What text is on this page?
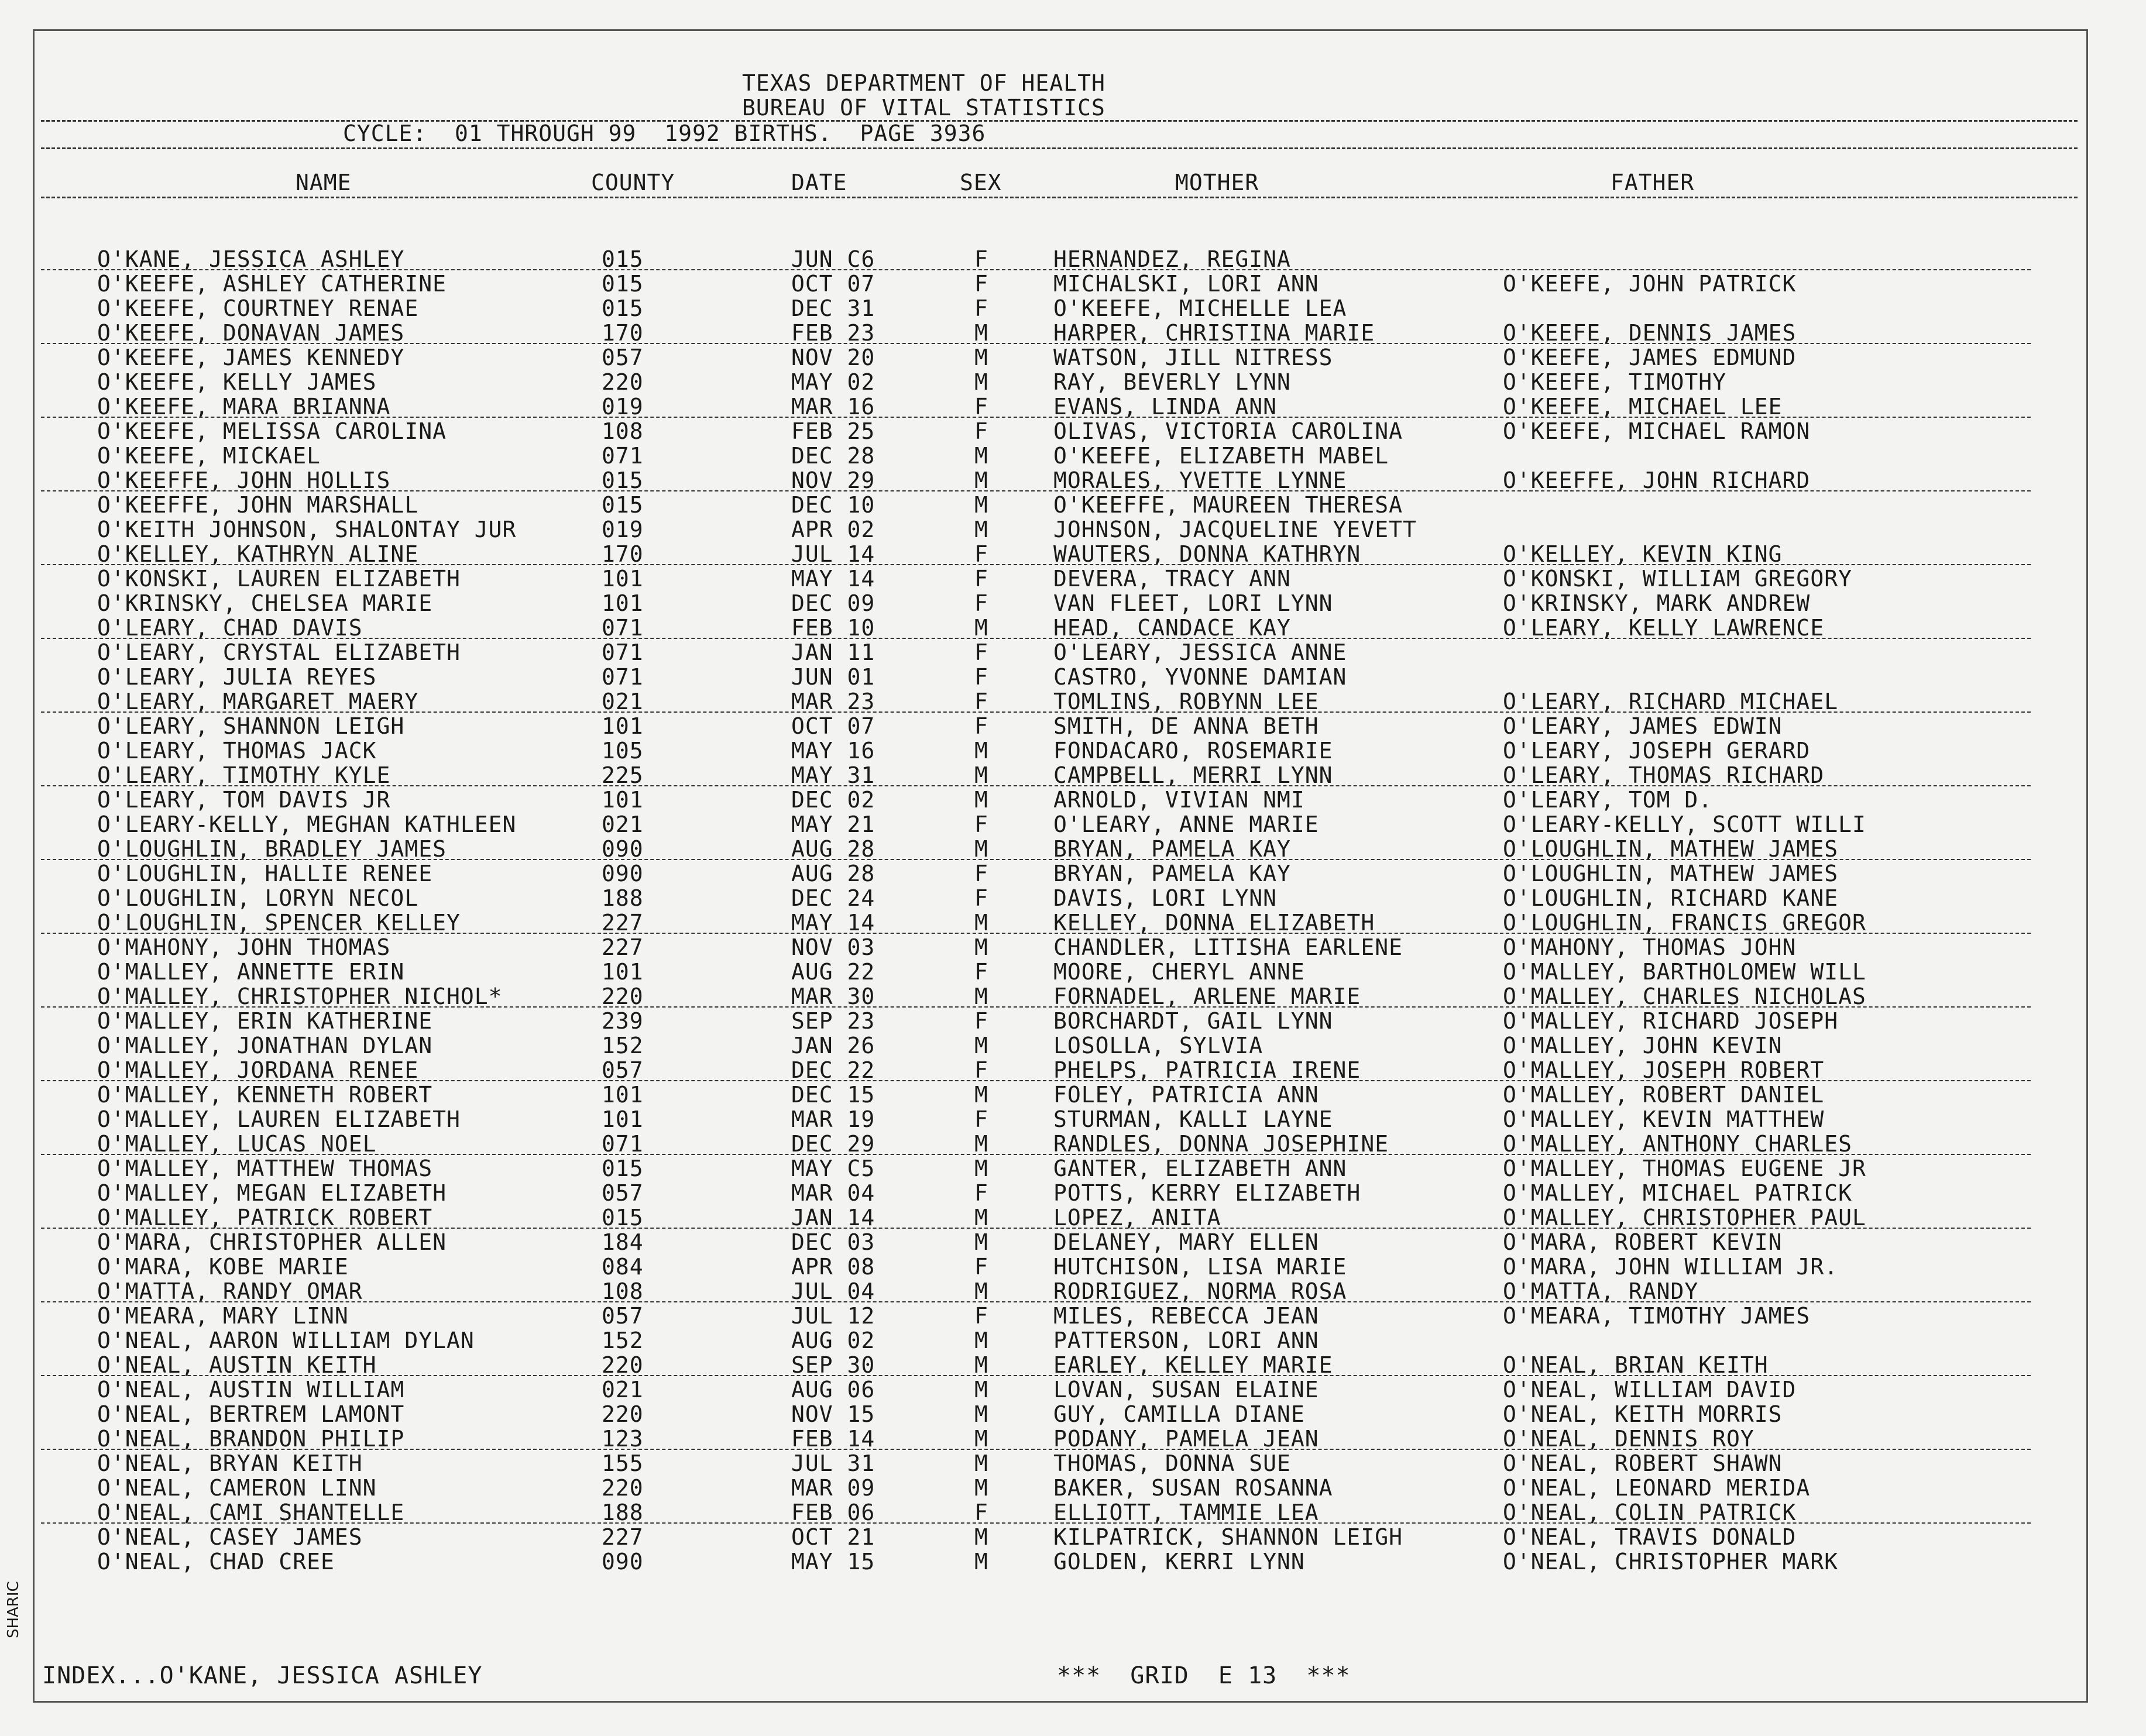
TEXAS DEPARTMENT OF HEALTH
BUREAU OF VITAL STATISTICS
CYCLE:  01 THROUGH 99  1992 BIRTHS.  PAGE 3936
NAME	COUNTY	DATE	SEX	MOTHER	FATHER
O'KANE, JESSICA ASHLEY	015	JUN C6	F	HERNANDEZ, REGINA
O'KEEFE, ASHLEY CATHERINE	015	OCT 07	F	MICHALSKI, LORI ANN	O'KEEFE, JOHN PATRICK
O'KEEFE, COURTNEY RENAE	015	DEC 31	F	O'KEEFE, MICHELLE LEA
O'KEEFE, DONAVAN JAMES	170	FEB 23	M	HARPER, CHRISTINA MARIE	O'KEEFE, DENNIS JAMES
O'KEEFE, JAMES KENNEDY	057	NOV 20	M	WATSON, JILL NITRESS	O'KEEFE, JAMES EDMUND
O'KEEFE, KELLY JAMES	220	MAY 02	M	RAY, BEVERLY LYNN	O'KEEFE, TIMOTHY
O'KEEFE, MARA BRIANNA	019	MAR 16	F	EVANS, LINDA ANN	O'KEEFE, MICHAEL LEE
O'KEEFE, MELISSA CAROLINA	108	FEB 25	F	OLIVAS, VICTORIA CAROLINA	O'KEEFE, MICHAEL RAMON
O'KEEFE, MICKAEL	071	DEC 28	M	O'KEEFE, ELIZABETH MABEL
O'KEEFFE, JOHN HOLLIS	015	NOV 29	M	MORALES, YVETTE LYNNE	O'KEEFFE, JOHN RICHARD
O'KEEFFE, JOHN MARSHALL	015	DEC 10	M	O'KEEFFE, MAUREEN THERESA
O'KEITH JOHNSON, SHALONTAY JUR	019	APR 02	M	JOHNSON, JACQUELINE YEVETT
O'KELLEY, KATHRYN ALINE	170	JUL 14	F	WAUTERS, DONNA KATHRYN	O'KELLEY, KEVIN KING
O'KONSKI, LAUREN ELIZABETH	101	MAY 14	F	DEVERA, TRACY ANN	O'KONSKI, WILLIAM GREGORY
O'KRINSKY, CHELSEA MARIE	101	DEC 09	F	VAN FLEET, LORI LYNN	O'KRINSKY, MARK ANDREW
O'LEARY, CHAD DAVIS	071	FEB 10	M	HEAD, CANDACE KAY	O'LEARY, KELLY LAWRENCE
O'LEARY, CRYSTAL ELIZABETH	071	JAN 11	F	O'LEARY, JESSICA ANNE
O'LEARY, JULIA REYES	071	JUN 01	F	CASTRO, YVONNE DAMIAN
O'LEARY, MARGARET MAERY	021	MAR 23	F	TOMLINS, ROBYNN LEE	O'LEARY, RICHARD MICHAEL
O'LEARY, SHANNON LEIGH	101	OCT 07	F	SMITH, DE ANNA BETH	O'LEARY, JAMES EDWIN
O'LEARY, THOMAS JACK	105	MAY 16	M	FONDACARO, ROSEMARIE	O'LEARY, JOSEPH GERARD
O'LEARY, TIMOTHY KYLE	225	MAY 31	M	CAMPBELL, MERRI LYNN	O'LEARY, THOMAS RICHARD
O'LEARY, TOM DAVIS JR	101	DEC 02	M	ARNOLD, VIVIAN NMI	O'LEARY, TOM D.
O'LEARY-KELLY, MEGHAN KATHLEEN	021	MAY 21	F	O'LEARY, ANNE MARIE	O'LEARY-KELLY, SCOTT WILLI
O'LOUGHLIN, BRADLEY JAMES	090	AUG 28	M	BRYAN, PAMELA KAY	O'LOUGHLIN, MATHEW JAMES
O'LOUGHLIN, HALLIE RENEE	090	AUG 28	F	BRYAN, PAMELA KAY	O'LOUGHLIN, MATHEW JAMES
O'LOUGHLIN, LORYN NECOL	188	DEC 24	F	DAVIS, LORI LYNN	O'LOUGHLIN, RICHARD KANE
O'LOUGHLIN, SPENCER KELLEY	227	MAY 14	M	KELLEY, DONNA ELIZABETH	O'LOUGHLIN, FRANCIS GREGOR
O'MAHONY, JOHN THOMAS	227	NOV 03	M	CHANDLER, LITISHA EARLENE	O'MAHONY, THOMAS JOHN
O'MALLEY, ANNETTE ERIN	101	AUG 22	F	MOORE, CHERYL ANNE	O'MALLEY, BARTHOLOMEW WILL
O'MALLEY, CHRISTOPHER NICHOL*	220	MAR 30	M	FORNADEL, ARLENE MARIE	O'MALLEY, CHARLES NICHOLAS
O'MALLEY, ERIN KATHERINE	239	SEP 23	F	BORCHARDT, GAIL LYNN	O'MALLEY, RICHARD JOSEPH
O'MALLEY, JONATHAN DYLAN	152	JAN 26	M	LOSOLLA, SYLVIA	O'MALLEY, JOHN KEVIN
O'MALLEY, JORDANA RENEE	057	DEC 22	F	PHELPS, PATRICIA IRENE	O'MALLEY, JOSEPH ROBERT
O'MALLEY, KENNETH ROBERT	101	DEC 15	M	FOLEY, PATRICIA ANN	O'MALLEY, ROBERT DANIEL
O'MALLEY, LAUREN ELIZABETH	101	MAR 19	F	STURMAN, KALLI LAYNE	O'MALLEY, KEVIN MATTHEW
O'MALLEY, LUCAS NOEL	071	DEC 29	M	RANDLES, DONNA JOSEPHINE	O'MALLEY, ANTHONY CHARLES
O'MALLEY, MATTHEW THOMAS	015	MAY C5	M	GANTER, ELIZABETH ANN	O'MALLEY, THOMAS EUGENE JR
O'MALLEY, MEGAN ELIZABETH	057	MAR 04	F	POTTS, KERRY ELIZABETH	O'MALLEY, MICHAEL PATRICK
O'MALLEY, PATRICK ROBERT	015	JAN 14	M	LOPEZ, ANITA	O'MALLEY, CHRISTOPHER PAUL
O'MARA, CHRISTOPHER ALLEN	184	DEC 03	M	DELANEY, MARY ELLEN	O'MARA, ROBERT KEVIN
O'MARA, KOBE MARIE	084	APR 08	F	HUTCHISON, LISA MARIE	O'MARA, JOHN WILLIAM JR.
O'MATTA, RANDY OMAR	108	JUL 04	M	RODRIGUEZ, NORMA ROSA	O'MATTA, RANDY
O'MEARA, MARY LINN	057	JUL 12	F	MILES, REBECCA JEAN	O'MEARA, TIMOTHY JAMES
O'NEAL, AARON WILLIAM DYLAN	152	AUG 02	M	PATTERSON, LORI ANN
O'NEAL, AUSTIN KEITH	220	SEP 30	M	EARLEY, KELLEY MARIE	O'NEAL, BRIAN KEITH
O'NEAL, AUSTIN WILLIAM	021	AUG 06	M	LOVAN, SUSAN ELAINE	O'NEAL, WILLIAM DAVID
O'NEAL, BERTREM LAMONT	220	NOV 15	M	GUY, CAMILLA DIANE	O'NEAL, KEITH MORRIS
O'NEAL, BRANDON PHILIP	123	FEB 14	M	PODANY, PAMELA JEAN	O'NEAL, DENNIS ROY
O'NEAL, BRYAN KEITH	155	JUL 31	M	THOMAS, DONNA SUE	O'NEAL, ROBERT SHAWN
O'NEAL, CAMERON LINN	220	MAR 09	M	BAKER, SUSAN ROSANNA	O'NEAL, LEONARD MERIDA
O'NEAL, CAMI SHANTELLE	188	FEB 06	F	ELLIOTT, TAMMIE LEA	O'NEAL, COLIN PATRICK
O'NEAL, CASEY JAMES	227	OCT 21	M	KILPATRICK, SHANNON LEIGH	O'NEAL, TRAVIS DONALD
O'NEAL, CHAD CREE	090	MAY 15	M	GOLDEN, KERRI LYNN	O'NEAL, CHRISTOPHER MARK
INDEX...O'KANE, JESSICA ASHLEY	***  GRID  E 13  ***
SHARIC
